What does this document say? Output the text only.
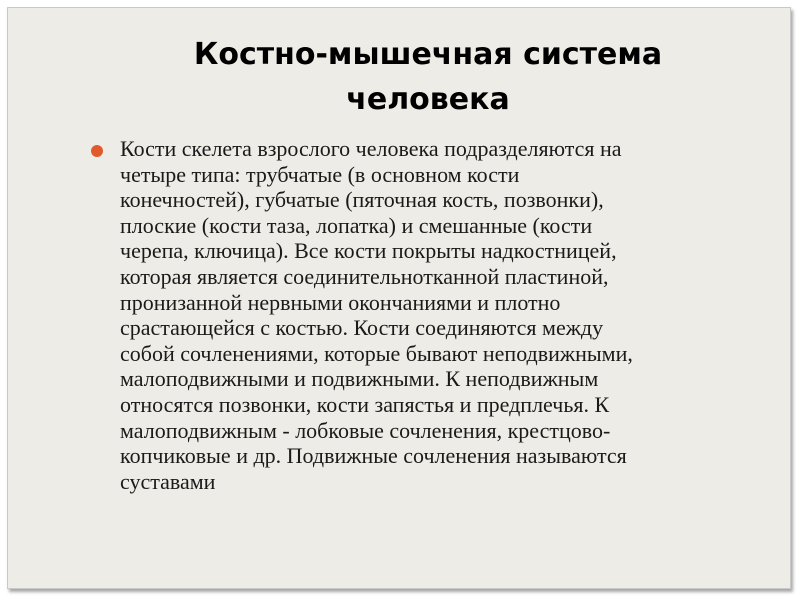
Костно-мышечная система
человека

Кости скелета взрослого человека подразделяются на
четыре типа: трубчатые (в основном кости
конечностей), губчатые (пяточная кость, позвонки),
плоские (кости таза, лопатка) и смешанные (кости
черепа, ключица). Все кости покрыты надкостницей,
которая является соединительнотканной пластиной,
пронизанной нервными окончаниями и плотно
срастающейся с костью. Кости соединяются между
собой сочленениями, которые бывают неподвижными,
малоподвижными и подвижными. К неподвижным
относятся позвонки, кости запястья и предплечья. К
малоподвижным - лобковые сочленения, крестцово-
копчиковые и др. Подвижные сочленения называются
суставами
